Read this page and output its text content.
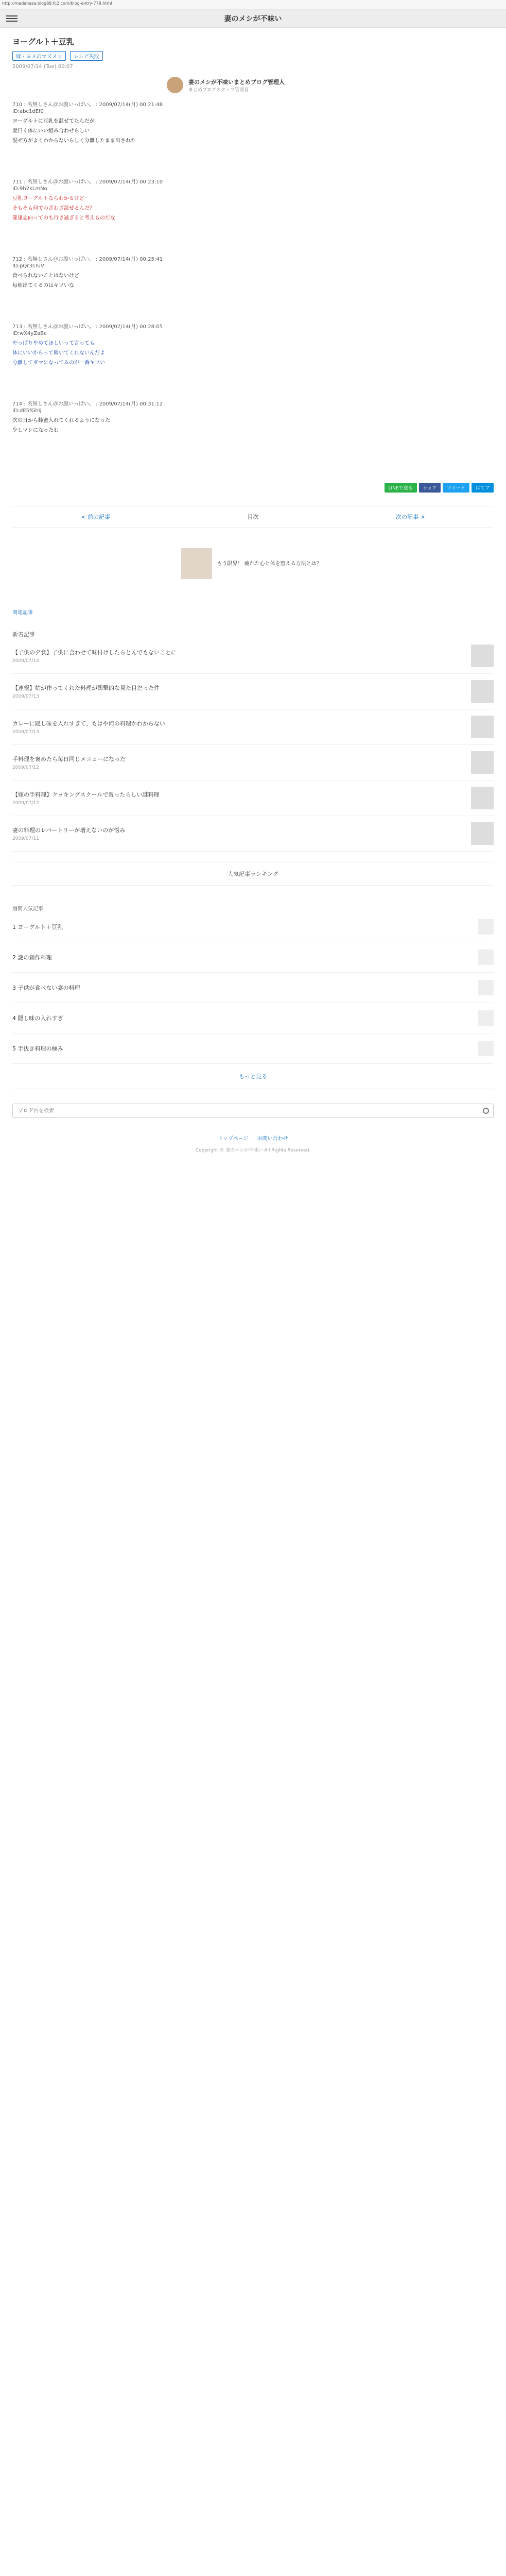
http://madahaza.blog88.fc2.com/blog-entry-778.html
妻のメシが不味い
ヨーグルト＋豆乳
嫁・ヨメのマズメシ	レシピ失敗
2009/07/14 (Tue) 00:07
妻のメシが不味いまとめブログ管理人
まとめブログスタッフ管理者
710 : 名無しさん＠お腹いっぱい。 : 2009/07/14(月) 00:21:48
ID:abc1dEf0
ヨーグルトに豆乳を混ぜてたんだが
妻曰く体にいい組み合わせらしい
混ぜ方がよくわからないらしく分離したまま出された
711 : 名無しさん＠お腹いっぱい。 : 2009/07/14(月) 00:23:10
ID:9h2kLmNo
豆乳ヨーグルトならわかるけど
そもそも何でわざわざ混ぜるんだ？
健康志向ってのも行き過ぎると考えものだな
712 : 名無しさん＠お腹いっぱい。 : 2009/07/14(月) 00:25:41
ID:pQr3sTuV
食べられないことはないけど
毎朝出てくるのはキツいな
713 : 名無しさん＠お腹いっぱい。 : 2009/07/14(月) 00:28:05
ID:wX4yZaBc
やっぱりやめてほしいって言っても
体にいいからって聞いてくれないんだよ
分離してダマになってるのが一番キツい
714 : 名無しさん＠お腹いっぱい。 : 2009/07/14(月) 00:31:12
ID:dE5fGhIj
次の日から蜂蜜入れてくれるようになった
少しマシになったわ
LINEで送る	シェア	ツイート	はてブ
< 前の記事	目次	次の記事 >
もう限界！ 疲れた心と体を整える方法とは？
関連記事
新着記事
【子供の夕食】子供に合わせて味付けしたらとんでもないことに
2009/07/14
【速報】姑が作ってくれた料理が衝撃的な見た目だった件
2009/07/13
カレーに隠し味を入れすぎて、もはや何の料理かわからない
2009/07/13
手料理を褒めたら毎日同じメニューになった
2009/07/12
【嫁の手料理】クッキングスクールで習ったらしい謎料理
2009/07/12
妻の料理のレパートリーが増えないのが悩み
2009/07/11
人気記事ランキング
週間人気記事
1 ヨーグルト＋豆乳
2 謎の創作料理
3 子供が食べない妻の料理
4 隠し味の入れすぎ
5 手抜き料理の極み
もっと見る
ブログ内を検索
トップページ お問い合わせ
Copyright © 妻のメシが不味い All Rights Reserved.
